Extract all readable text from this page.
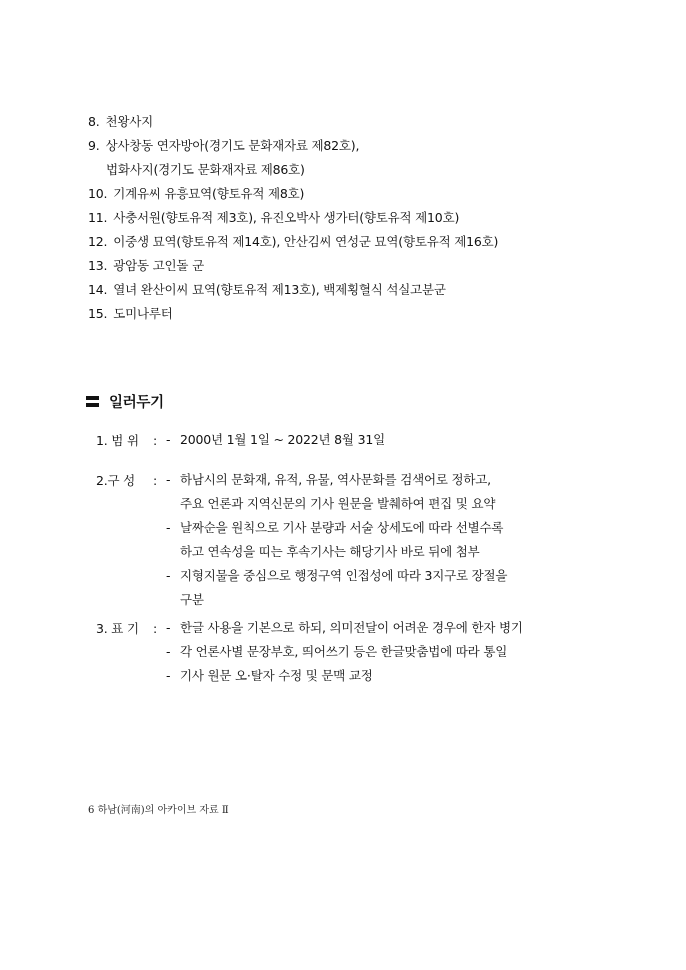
8. 천왕사지
9. 상사창동 연자방아(경기도 문화재자료 제82호),
법화사지(경기도 문화재자료 제86호)
10. 기계유씨 유흥묘역(향토유적 제8호)
11. 사충서원(향토유적 제3호), 유진오박사 생가터(향토유적 제10호)
12. 이중생 묘역(향토유적 제14호), 안산김씨 연성군 묘역(향토유적 제16호)
13. 광암동 고인돌 군
14. 열녀 완산이씨 묘역(향토유적 제13호), 백제횡혈식 석실고분군
15. 도미나루터
일러두기
1. 범 위 : - 2000년 1월 1일 ~ 2022년 8월 31일
2.구 성 : - 하남시의 문화재, 유적, 유물, 역사문화를 검색어로 정하고,
주요 언론과 지역신문의 기사 원문을 발췌하여 편집 및 요약
- 날짜순을 원칙으로 기사 분량과 서술 상세도에 따라 선별수록
하고 연속성을 띠는 후속기사는 해당기사 바로 뒤에 첨부
- 지형지물을 중심으로 행정구역 인접성에 따라 3지구로 장절을
구분
3. 표 기 : - 한글 사용을 기본으로 하되, 의미전달이 어려운 경우에 한자 병기
- 각 언론사별 문장부호, 띄어쓰기 등은 한글맞춤법에 따라 통일
- 기사 원문 오·탈자 수정 및 문맥 교정
6 하남(河南)의 아카이브 자료 Ⅱ
